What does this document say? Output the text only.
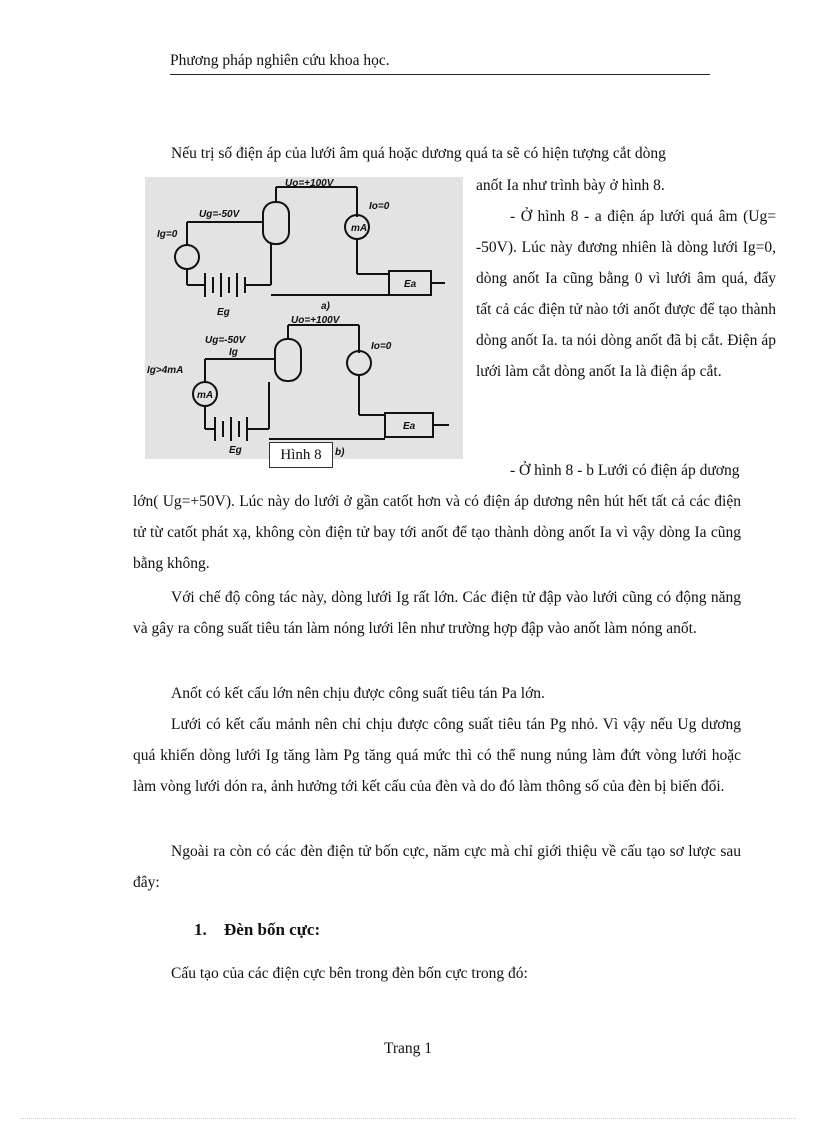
Phương pháp nghiên cứu khoa học.

Nếu trị số điện áp của lưới âm quá hoặc dương quá ta sẽ có hiện tượng cắt dòng

Uo=+100V
Ug=-50V
Ig=0
Io=0
Ea
Eg
a)
mA
Uo=+100V
Ug=-50V
Ig
Ig>4mA
Io=0
Ea
Eg	b)
mA
Hình 8

anốt Ia như trình bày ở hình 8.

- Ở hình 8 - a điện áp lưới quá âm (Ug= -50V). Lúc này đương nhiên là dòng lưới Ig=0, dòng anốt Ia cũng bằng 0 vì lưới âm quá, đẩy tất cả các điện tử nào tới anốt được để tạo thành dòng anốt Ia. ta nói dòng anốt đã bị cắt. Điện áp lưới làm cắt dòng anốt Ia là điện áp cắt.

- Ở hình 8 - b Lưới có điện áp dương

lớn( Ug=+50V). Lúc này do lưới ở gần catốt hơn và có điện áp dương nên hút hết tất cả các điện tử từ catốt phát xạ, không còn điện tử bay tới anốt để tạo thành dòng anốt Ia vì vậy dòng Ia cũng bằng không.

Với chế độ công tác này, dòng lưới Ig rất lớn. Các điện tử đập vào lưới cũng có động năng và gây ra công suất tiêu tán làm nóng lưới lên như trường hợp đập vào anốt làm nóng anốt.

Anốt có kết cấu lớn nên chịu được công suất tiêu tán Pa lớn.

Lưới có kết cấu mảnh nên chỉ chịu được công suất tiêu tán Pg nhỏ. Vì vậy nếu Ug dương quá khiến dòng lưới Ig tăng làm Pg tăng quá mức thì có thể nung núng làm đứt vòng lưới hoặc làm vòng lưới dón ra, ảnh hưởng tới kết cấu của đèn và do đó làm thông số của đèn bị biến đổi.

Ngoài ra còn có các đèn điện tử bốn cực, năm cực mà chỉ giới thiệu về cấu tạo sơ lược sau đây:

1. Đèn bốn cực:

Cấu tạo của các điện cực bên trong đèn bốn cực trong đó:

Trang 1
